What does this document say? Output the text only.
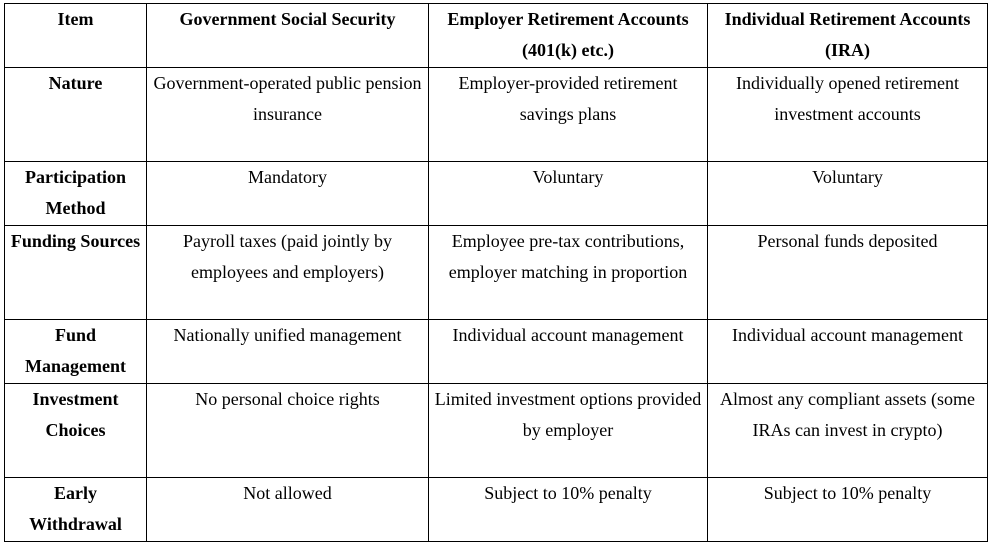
Item	Government Social Security	Employer Retirement Accounts (401(k) etc.)	Individual Retirement Accounts (IRA)
Nature	Government-operated public pension insurance	Employer-provided retirement savings plans	Individually opened retirement investment accounts
Participation Method	Mandatory	Voluntary	Voluntary
Funding Sources	Payroll taxes (paid jointly by employees and employers)	Employee pre-tax contributions, employer matching in proportion	Personal funds deposited
Fund Management	Nationally unified management	Individual account management	Individual account management
Investment Choices	No personal choice rights	Limited investment options provided by employer	Almost any compliant assets (some IRAs can invest in crypto)
Early Withdrawal	Not allowed	Subject to 10% penalty	Subject to 10% penalty
